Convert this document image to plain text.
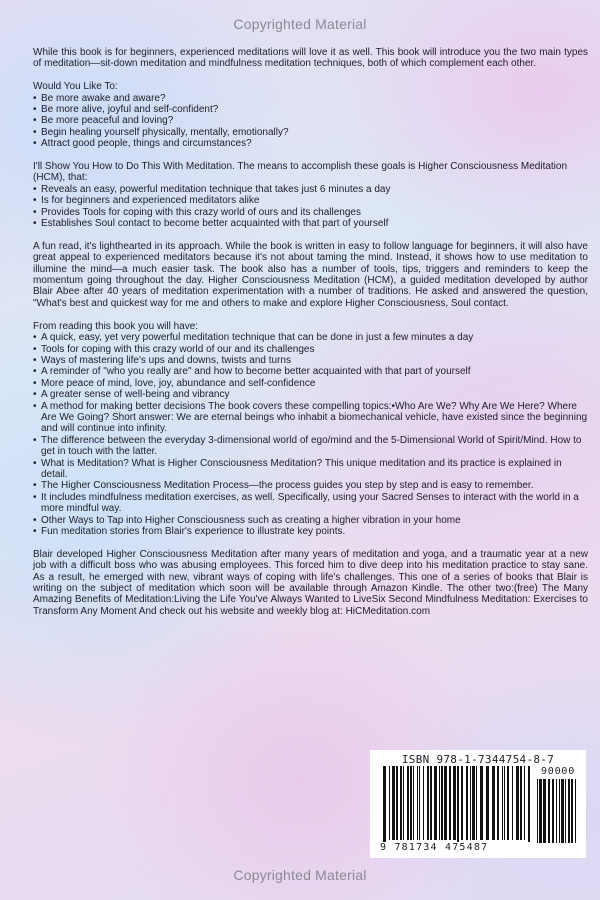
Copyrighted Material

While this book is for beginners, experienced meditations will love it as well. This book will introduce you the two main types of meditation—sit-down meditation and mindfulness meditation techniques, both of which complement each other.

Would You Like To:

• Be more awake and aware?
• Be more alive, joyful and self-confident?
• Be more peaceful and loving?
• Begin healing yourself physically, mentally, emotionally?
• Attract good people, things and circumstances?

I'll Show You How to Do This With Meditation. The means to accomplish these goals is Higher Consciousness Meditation (HCM), that:

• Reveals an easy, powerful meditation technique that takes just 6 minutes a day
• Is for beginners and experienced meditators alike
• Provides Tools for coping with this crazy world of ours and its challenges
• Establishes Soul contact to become better acquainted with that part of yourself

A fun read, it's lighthearted in its approach. While the book is written in easy to follow language for beginners, it will also have great appeal to experienced meditators because it's not about taming the mind. Instead, it shows how to use meditation to illumine the mind—a much easier task. The book also has a number of tools, tips, triggers and reminders to keep the momentum going throughout the day. Higher Consciousness Meditation (HCM), a guided meditation developed by author Blair Abee after 40 years of meditation experimentation with a number of traditions. He asked and answered the question, "What's best and quickest way for me and others to make and explore Higher Consciousness, Soul contact.

From reading this book you will have:

• A quick, easy, yet very powerful meditation technique that can be done in just a few minutes a day
• Tools for coping with this crazy world of our and its challenges
• Ways of mastering life's ups and downs, twists and turns
• A reminder of "who you really are" and how to become better acquainted with that part of yourself
• More peace of mind, love, joy, abundance and self-confidence
• A greater sense of well-being and vibrancy
• A method for making better decisions The book covers these compelling topics:•Who Are We? Why Are We Here? Where Are We Going? Short answer: We are eternal beings who inhabit a biomechanical vehicle, have existed since the beginning and will continue into infinity.
• The difference between the everyday 3-dimensional world of ego/mind and the 5-Dimensional World of Spirit/Mind. How to get in touch with the latter.
• What is Meditation? What is Higher Consciousness Meditation? This unique meditation and its practice is explained in detail.
• The Higher Consciousness Meditation Process—the process guides you step by step and is easy to remember.
• It includes mindfulness meditation exercises, as well. Specifically, using your Sacred Senses to interact with the world in a more mindful way.
• Other Ways to Tap into Higher Consciousness such as creating a higher vibration in your home
• Fun meditation stories from Blair's experience to illustrate key points.

Blair developed Higher Consciousness Meditation after many years of meditation and yoga, and a traumatic year at a new job with a difficult boss who was abusing employees. This forced him to dive deep into his meditation practice to stay sane. As a result, he emerged with new, vibrant ways of coping with life's challenges. This one of a series of books that Blair is writing on the subject of meditation which soon will be available through Amazon Kindle. The other two:(free) The Many Amazing Benefits of Meditation:Living the Life You've Always Wanted to LiveSix Second Mindfulness Meditation: Exercises to Transform Any Moment And check out his website and weekly blog at: HiCMeditation.com

ISBN 978-1-7344754-8-7
9 781734 475487
90000
Copyrighted Material
